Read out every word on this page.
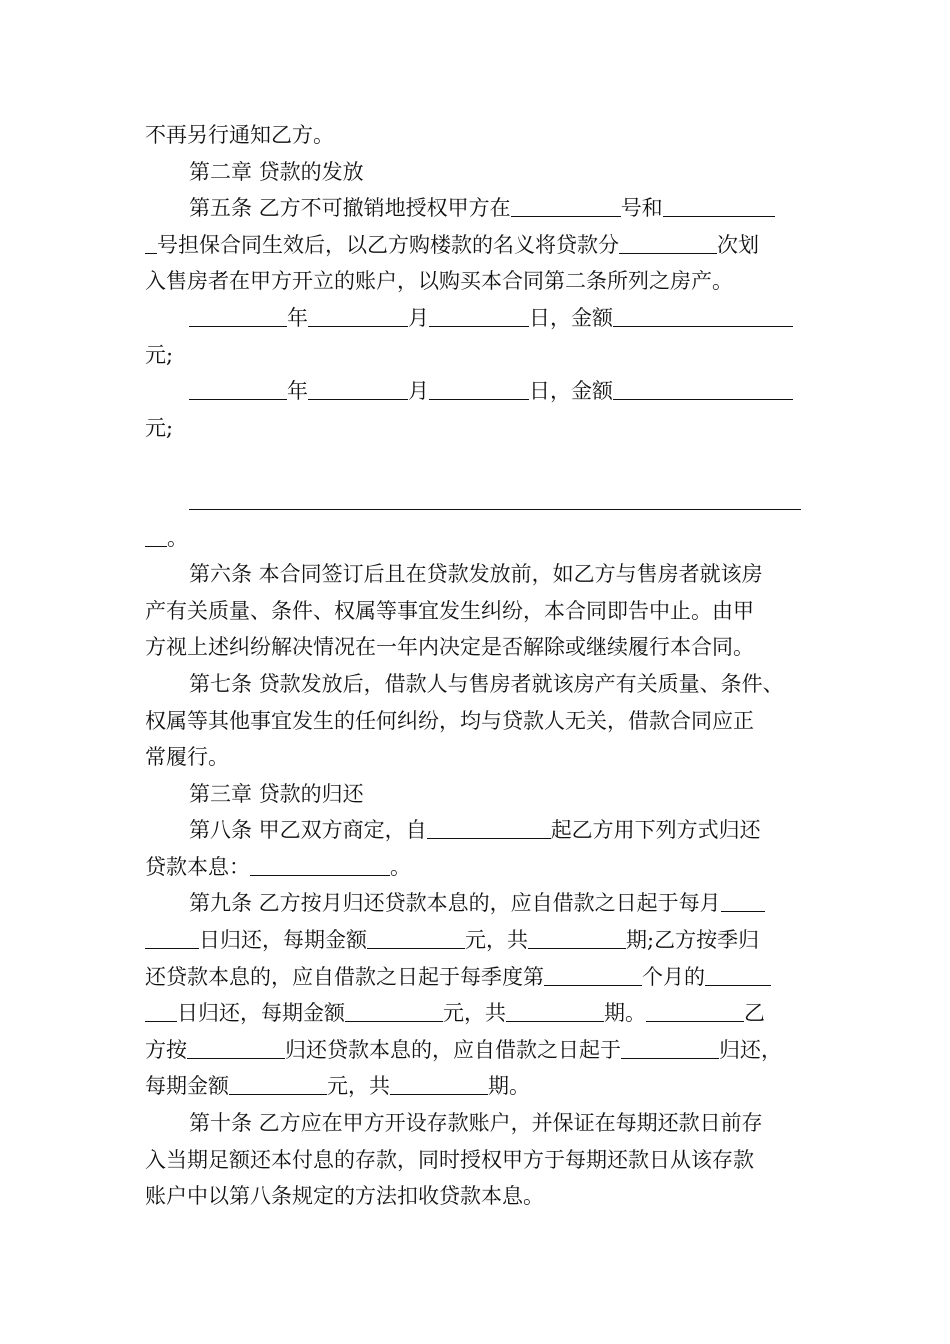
不再另行通知乙方。
第二章 贷款的发放
第五条 乙方不可撤销地授权甲方在	号和
号担保合同生效后，以乙方购楼款的名义将贷款分	次划
入售房者在甲方开立的账户，以购买本合同第二条所列之房产。
年	月	日，金额
元;
年	月	日，金额
元;
。
第六条 本合同签订后且在贷款发放前，如乙方与售房者就该房
产有关质量、条件、权属等事宜发生纠纷，本合同即告中止。由甲
方视上述纠纷解决情况在一年内决定是否解除或继续履行本合同。
第七条 贷款发放后，借款人与售房者就该房产有关质量、条件、
权属等其他事宜发生的任何纠纷，均与贷款人无关，借款合同应正
常履行。
第三章 贷款的归还
第八条 甲乙双方商定，自	起乙方用下列方式归还
贷款本息：	。
第九条 乙方按月归还贷款本息的，应自借款之日起于每月
日归还，每期金额	元，共	期;乙方按季归
还贷款本息的，应自借款之日起于每季度第	个月的
日归还，每期金额	元，共	期。	乙
方按	归还贷款本息的，应自借款之日起于	归还，
每期金额	元，共	期。
第十条 乙方应在甲方开设存款账户，并保证在每期还款日前存
入当期足额还本付息的存款，同时授权甲方于每期还款日从该存款
账户中以第八条规定的方法扣收贷款本息。
